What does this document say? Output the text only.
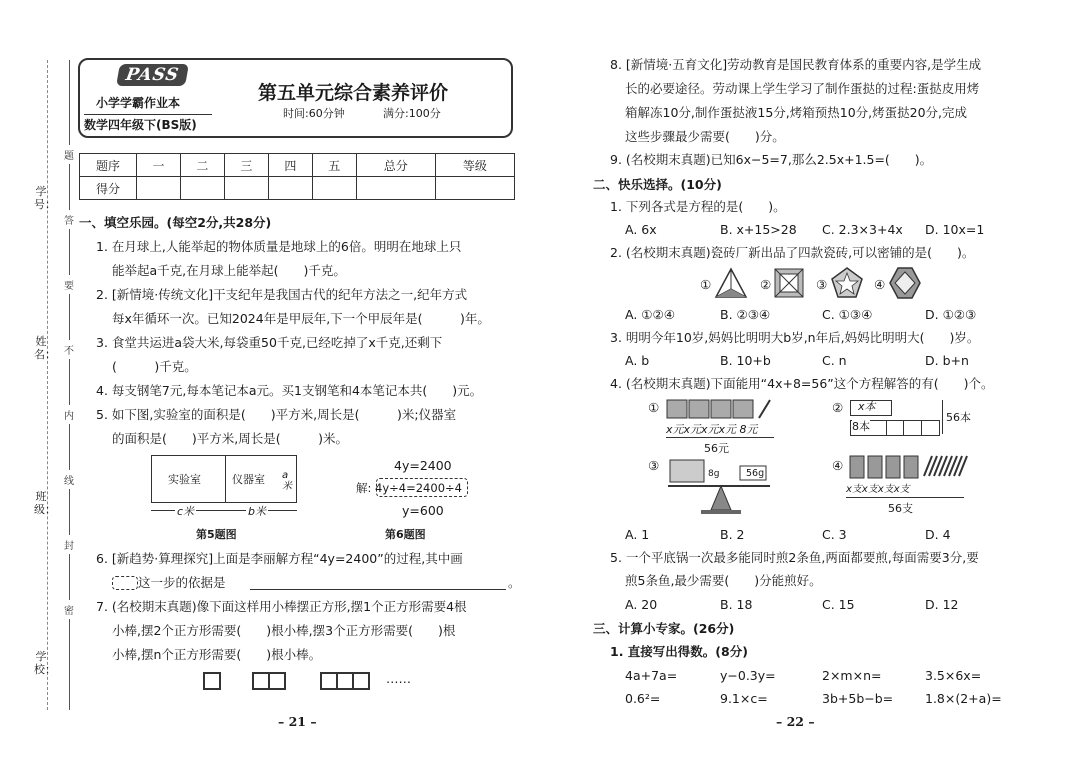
学号：
姓名：
班级：
学校：
题
答
要
不
内
线
封
密
PASS
小学学霸作业本
数学四年级下(BS版)
第五单元综合素养评价
时间:60分钟	满分:100分
题序	一	二	三	四	五	总分	等级
得分							
一、填空乐园。(每空2分,共28分)
1. 在月球上,人能举起的物体质量是地球上的6倍。明明在地球上只
能举起a千克,在月球上能举起(　　)千克。
2. [新情境·传统文化]干支纪年是我国古代的纪年方法之一,纪年方式
每x年循环一次。已知2024年是甲辰年,下一个甲辰年是(　　　)年。
3. 食堂共运进a袋大米,每袋重50千克,已经吃掉了x千克,还剩下
(　　　)千克。
4. 每支钢笔7元,每本笔记本a元。买1支钢笔和4本笔记本共(　　)元。
5. 如下图,实验室的面积是(　　)平方米,周长是(　　　)米;仪器室
的面积是(　　)平方米,周长是(　　　)米。
实验室	仪器室 a米
c米	b米
第5题图
4y=2400
解: 4y÷4=2400÷4
y=600
第6题图
6. [新趋势·算理探究]上面是李丽解方程“4y=2400”的过程,其中画
这一步的依据是	。
7. (名校期末真题)像下面这样用小棒摆正方形,摆1个正方形需要4根
小棒,摆2个正方形需要(　　)根小棒,摆3个正方形需要(　　)根
小棒,摆n个正方形需要(　　)根小棒。
……
– 21 –
8. [新情境·五育文化]劳动教育是国民教育体系的重要内容,是学生成
长的必要途径。劳动课上学生学习了制作蛋挞的过程:蛋挞皮用烤
箱解冻10分,制作蛋挞液15分,烤箱预热10分,烤蛋挞20分,完成
这些步骤最少需要(　　)分。
9. (名校期末真题)已知6x−5=7,那么2.5x+1.5=(　　)。
二、快乐选择。(10分)
1. 下列各式是方程的是(　　)。
A. 6x	B. x+15>28 C. 2.3×3+4x D. 10x=1
2. (名校期末真题)瓷砖厂新出品了四款瓷砖,可以密铺的是(　　)。
①	②	③	④
A. ①②④	B. ②③④	C. ①③④	D. ①②③
3. 明明今年10岁,妈妈比明明大b岁,n年后,妈妈比明明大(　　)岁。
A. b	B. 10+b	C. n	D. b+n
4. (名校期末真题)下面能用“4x+8=56”这个方程解答的有(　　)个。
①
x元x元x元x元 8元
56元
② x本
8本
56本
③
56g
8g
④
x支x支x支x支
56支
A. 1	B. 2	C. 3	D. 4
5. 一个平底锅一次最多能同时煎2条鱼,两面都要煎,每面需要3分,要
煎5条鱼,最少需要(　　)分能煎好。
A. 20	B. 18	C. 15	D. 12
三、计算小专家。(26分)
1. 直接写出得数。(8分)
4a+7a=	y−0.3y=	2×m×n=	3.5×6x=
0.6²=	9.1×c=	3b+5b−b=	1.8×(2+a)=
– 22 –
